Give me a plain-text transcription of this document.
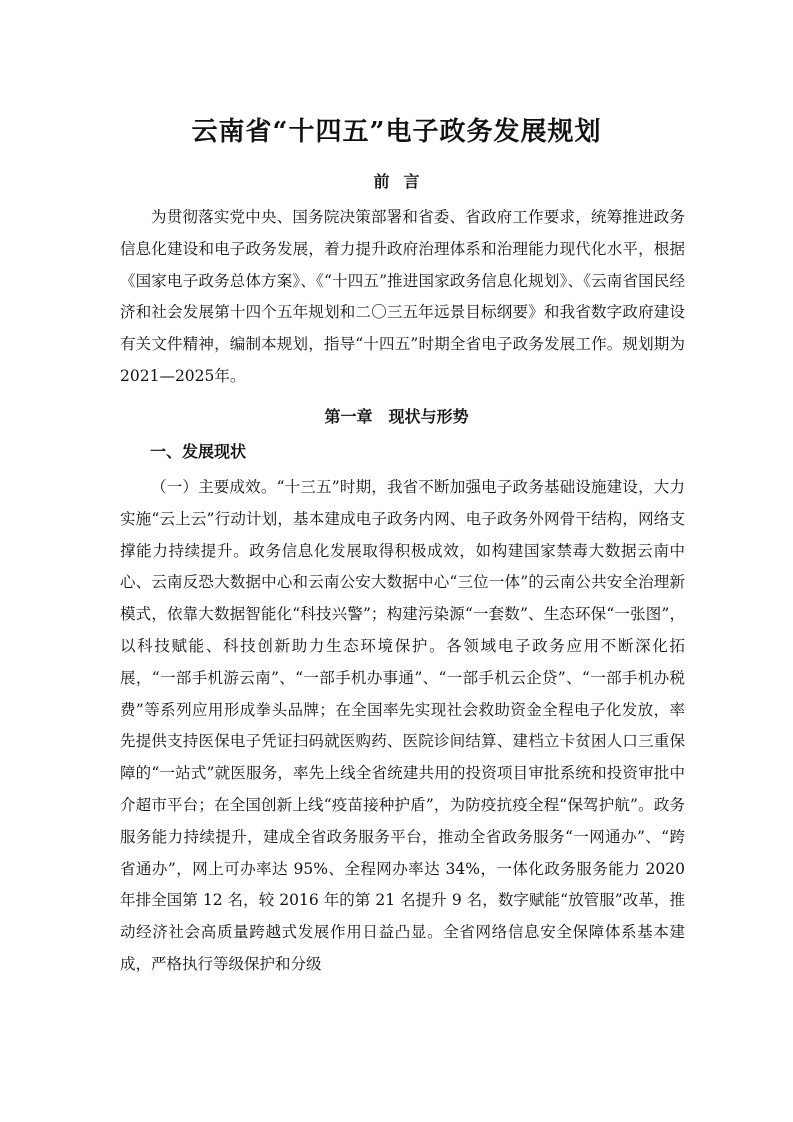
云南省“十四五”电子政务发展规划
前言

为贯彻落实党中央、国务院决策部署和省委、省政府工作要求，统筹推进政务信息化建设和电子政务发展，着力提升政府治理体系和治理能力现代化水平，根据《国家电子政务总体方案》、《“十四五”推进国家政务信息化规划》、《云南省国民经济和社会发展第十四个五年规划和二〇三五年远景目标纲要》和我省数字政府建设有关文件精神，编制本规划，指导“十四五”时期全省电子政务发展工作。规划期为2021—2025年。

第一章　现状与形势
一、发展现状

（一）主要成效。“十三五”时期，我省不断加强电子政务基础设施建设，大力实施“云上云”行动计划，基本建成电子政务内网、电子政务外网骨干结构，网络支撑能力持续提升。政务信息化发展取得积极成效，如构建国家禁毒大数据云南中心、云南反恐大数据中心和云南公安大数据中心“三位一体”的云南公共安全治理新模式，依靠大数据智能化“科技兴警”；构建污染源“一套数”、生态环保“一张图”，以科技赋能、科技创新助力生态环境保护。各领域电子政务应用不断深化拓展，“一部手机游云南”、“一部手机办事通”、“一部手机云企贷”、“一部手机办税费”等系列应用形成拳头品牌；在全国率先实现社会救助资金全程电子化发放，率先提供支持医保电子凭证扫码就医购药、医院诊间结算、建档立卡贫困人口三重保障的“一站式”就医服务，率先上线全省统建共用的投资项目审批系统和投资审批中介超市平台；在全国创新上线“疫苗接种护盾”，为防疫抗疫全程“保驾护航”。政务服务能力持续提升，建成全省政务服务平台，推动全省政务服务“一网通办”、“跨省通办”，网上可办率达 95%、全程网办率达 34%，一体化政务服务能力 2020 年排全国第 12 名，较 2016 年的第 21 名提升 9 名，数字赋能“放管服”改革，推动经济社会高质量跨越式发展作用日益凸显。全省网络信息安全保障体系基本建成，严格执行等级保护和分级
